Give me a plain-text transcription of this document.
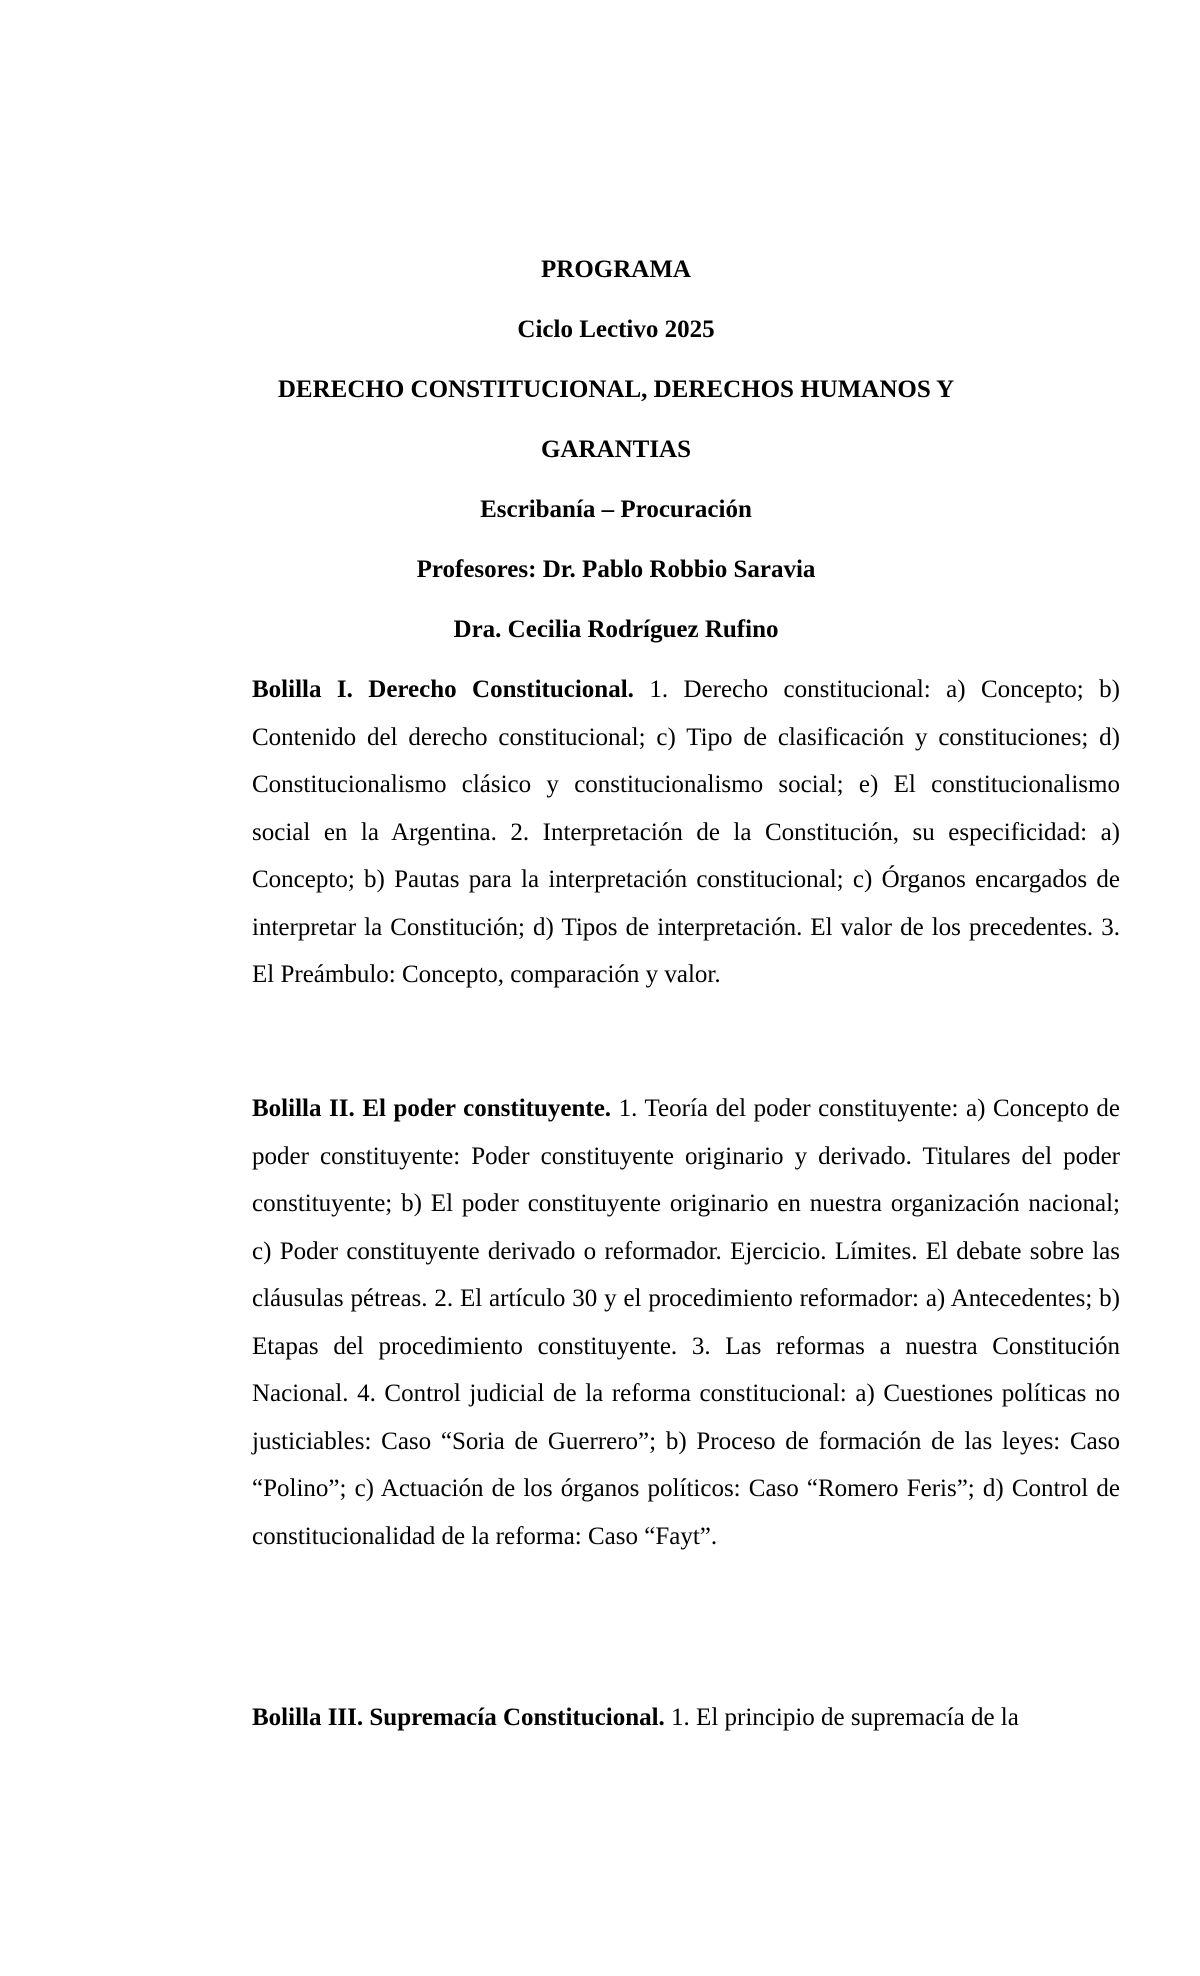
PROGRAMA
Ciclo Lectivo 2025
DERECHO CONSTITUCIONAL, DERECHOS HUMANOS Y
GARANTIAS
Escribanía – Procuración
Profesores: Dr. Pablo Robbio Saravia
Dra. Cecilia Rodríguez Rufino
Bolilla I. Derecho Constitucional. 1. Derecho constitucional: a) Concepto; b) Contenido del derecho constitucional; c) Tipo de clasificación y constituciones; d) Constitucionalismo clásico y constitucionalismo social; e) El constitucionalismo social en la Argentina. 2. Interpretación de la Constitución, su especificidad: a) Concepto; b) Pautas para la interpretación constitucional; c) Órganos encargados de interpretar la Constitución; d) Tipos de interpretación. El valor de los precedentes. 3. El Preámbulo: Concepto, comparación y valor.
Bolilla II. El poder constituyente. 1. Teoría del poder constituyente: a) Concepto de poder constituyente: Poder constituyente originario y derivado. Titulares del poder constituyente; b) El poder constituyente originario en nuestra organización nacional; c) Poder constituyente derivado o reformador. Ejercicio. Límites. El debate sobre las cláusulas pétreas. 2. El artículo 30 y el procedimiento reformador: a) Antecedentes; b) Etapas del procedimiento constituyente. 3. Las reformas a nuestra Constitución Nacional. 4. Control judicial de la reforma constitucional: a) Cuestiones políticas no justiciables: Caso “Soria de Guerrero”; b) Proceso de formación de las leyes: Caso “Polino”; c) Actuación de los órganos políticos: Caso “Romero Feris”; d) Control de constitucionalidad de la reforma: Caso “Fayt”.
Bolilla III. Supremacía Constitucional. 1. El principio de supremacía de la
